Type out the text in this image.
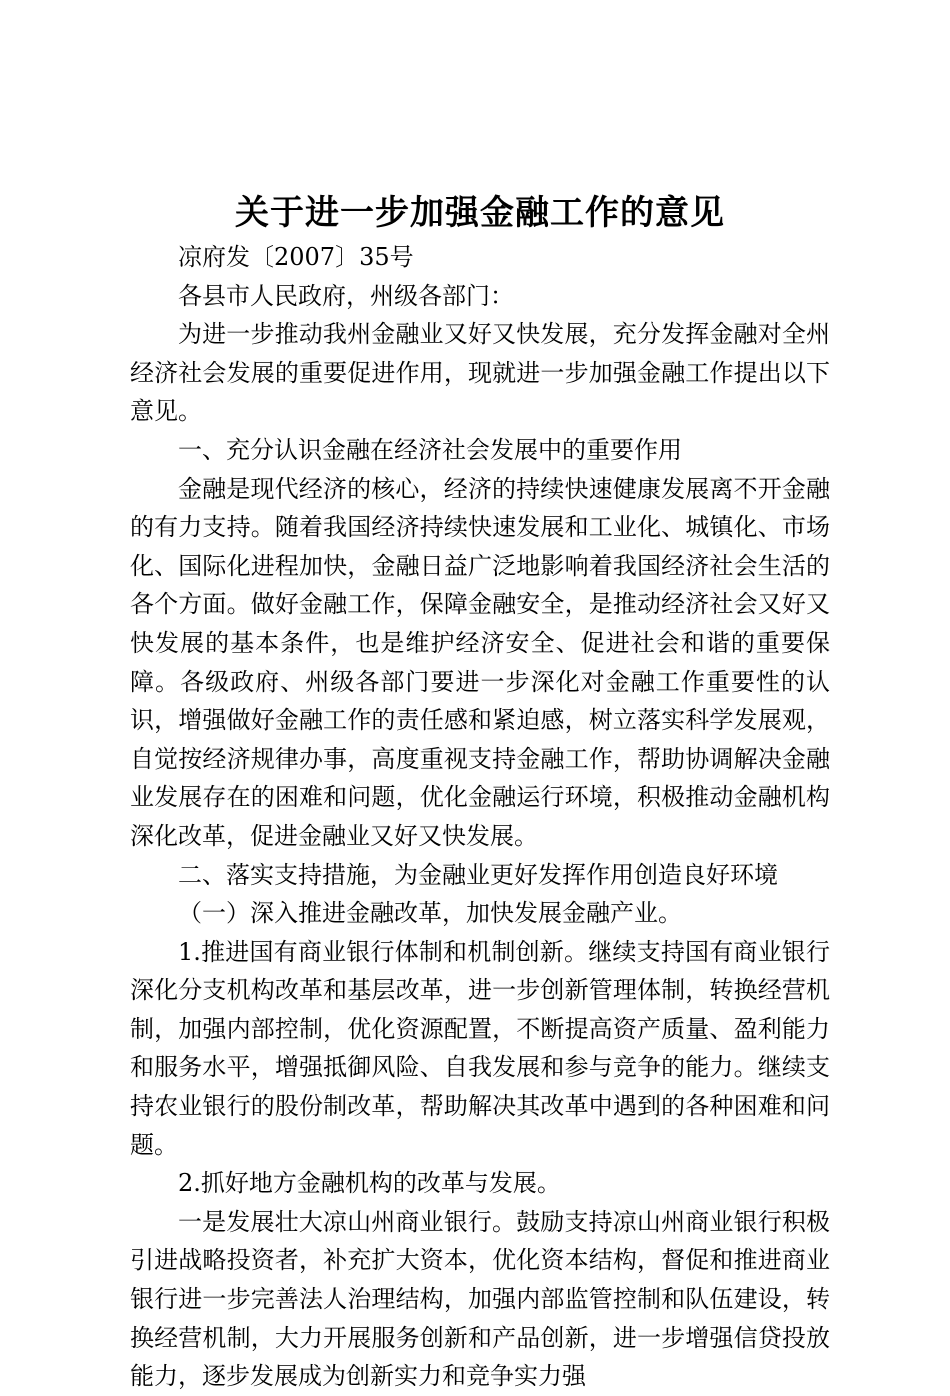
关于进一步加强金融工作的意见

凉府发〔2007〕35号

各县市人民政府，州级各部门：

为进一步推动我州金融业又好又快发展，充分发挥金融对全州经济社会发展的重要促进作用，现就进一步加强金融工作提出以下意见。

一、充分认识金融在经济社会发展中的重要作用

金融是现代经济的核心，经济的持续快速健康发展离不开金融的有力支持。随着我国经济持续快速发展和工业化、城镇化、市场化、国际化进程加快，金融日益广泛地影响着我国经济社会生活的各个方面。做好金融工作，保障金融安全，是推动经济社会又好又快发展的基本条件，也是维护经济安全、促进社会和谐的重要保障。各级政府、州级各部门要进一步深化对金融工作重要性的认识，增强做好金融工作的责任感和紧迫感，树立落实科学发展观，自觉按经济规律办事，高度重视支持金融工作，帮助协调解决金融业发展存在的困难和问题，优化金融运行环境，积极推动金融机构深化改革，促进金融业又好又快发展。

二、落实支持措施，为金融业更好发挥作用创造良好环境

（一）深入推进金融改革，加快发展金融产业。

1.推进国有商业银行体制和机制创新。继续支持国有商业银行深化分支机构改革和基层改革，进一步创新管理体制，转换经营机制，加强内部控制，优化资源配置，不断提高资产质量、盈利能力和服务水平，增强抵御风险、自我发展和参与竞争的能力。继续支持农业银行的股份制改革，帮助解决其改革中遇到的各种困难和问题。

2.抓好地方金融机构的改革与发展。

一是发展壮大凉山州商业银行。鼓励支持凉山州商业银行积极引进战略投资者，补充扩大资本，优化资本结构，督促和推进商业银行进一步完善法人治理结构，加强内部监管控制和队伍建设，转换经营机制，大力开展服务创新和产品创新，进一步增强信贷投放能力，逐步发展成为创新实力和竞争实力强
